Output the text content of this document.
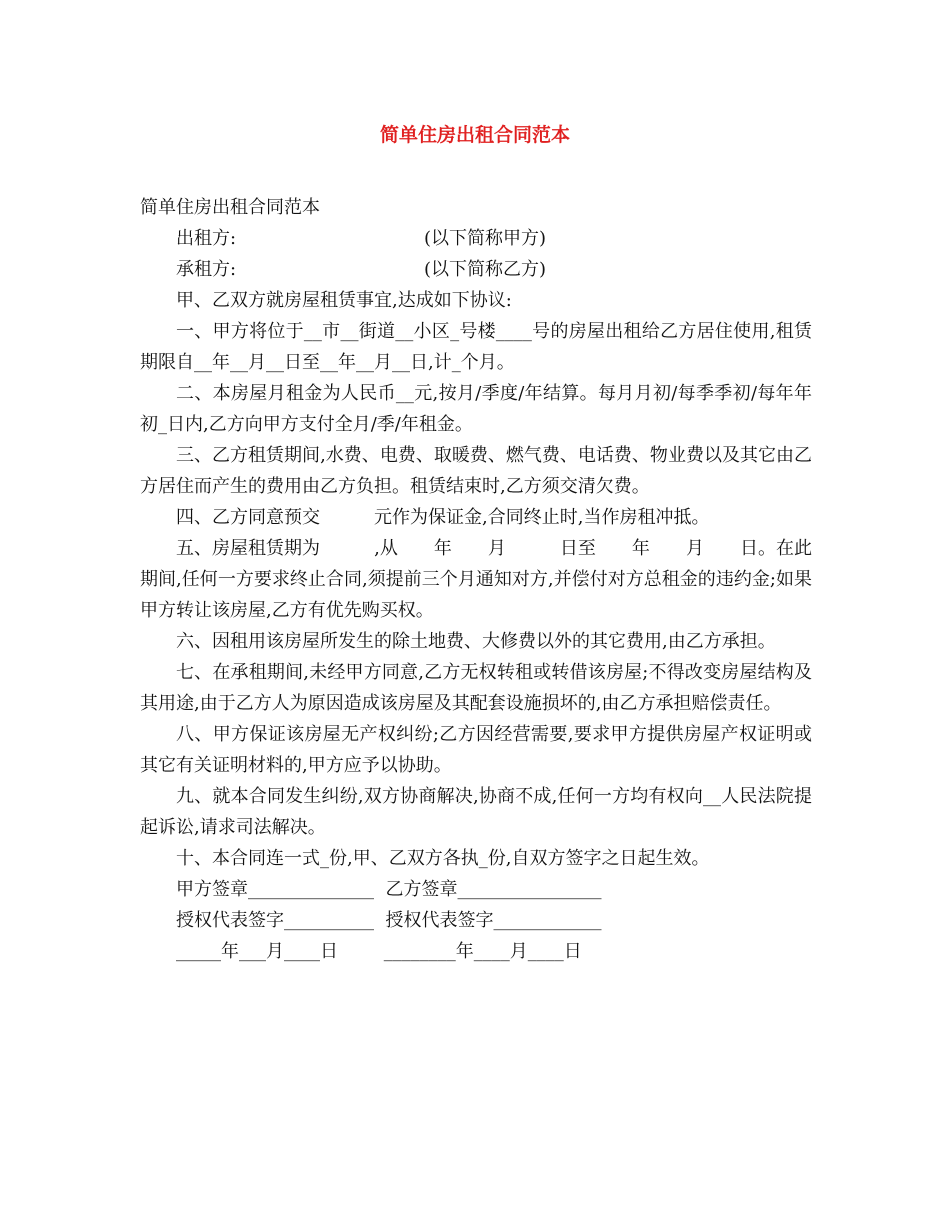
简单住房出租合同范本

简单住房出租合同范本

出租方:	(以下简称甲方)
承租方:	(以下简称乙方)

甲、乙双方就房屋租赁事宜,达成如下协议:

一、甲方将位于__市__街道__小区_号楼____号的房屋出租给乙方居住使用,租赁期限自__年__月__日至__年__月__日,计_个月。

二、本房屋月租金为人民币__元,按月/季度/年结算。每月月初/每季季初/每年年初_日内,乙方向甲方支付全月/季/年租金。

三、乙方租赁期间,水费、电费、取暖费、燃气费、电话费、物业费以及其它由乙方居住而产生的费用由乙方负担。租赁结束时,乙方须交清欠费。

四、乙方同意预交　　　元作为保证金,合同终止时,当作房租冲抵。

五、房屋租赁期为　　　,从　　年　　月　　　日至　　年　　月　　日。在此期间,任何一方要求终止合同,须提前三个月通知对方,并偿付对方总租金的违约金;如果甲方转让该房屋,乙方有优先购买权。

六、因租用该房屋所发生的除土地费、大修费以外的其它费用,由乙方承担。

七、在承租期间,未经甲方同意,乙方无权转租或转借该房屋;不得改变房屋结构及其用途,由于乙方人为原因造成该房屋及其配套设施损坏的,由乙方承担赔偿责任。

八、甲方保证该房屋无产权纠纷;乙方因经营需要,要求甲方提供房屋产权证明或其它有关证明材料的,甲方应予以协助。

九、就本合同发生纠纷,双方协商解决,协商不成,任何一方均有权向__人民法院提起诉讼,请求司法解决。

十、本合同连一式_份,甲、乙双方各执_份,自双方签字之日起生效。

甲方签章______________  乙方签章________________
授权代表签字__________  授权代表签字____________
_____年___月____日        ________年____月____日
